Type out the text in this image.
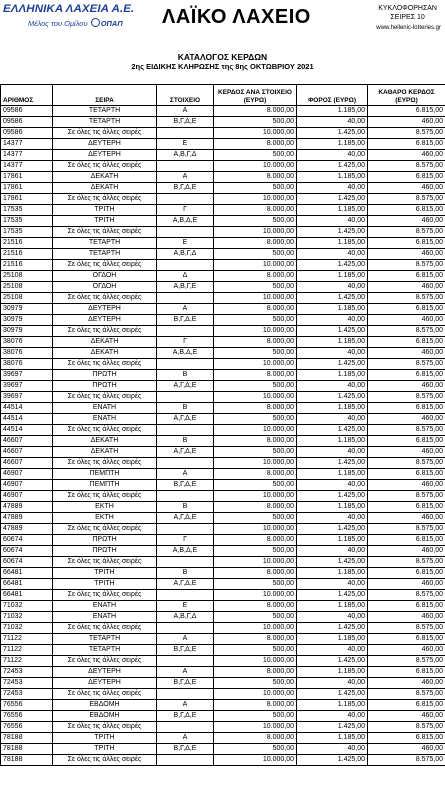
ΕΛΛΗΝΙΚΑ ΛΑΧΕΙΑ Α.Ε.
Μέλος του Ομίλου ΟΠΑΠ ΛΑΪΚΟ ΛΑΧΕΙΟ	ΚΥΚΛΟΦΟΡΗΣΑΝ
ΣΕΙΡΕΣ 10
www.hellenic-lotteries.gr
ΚΑΤΑΛΟΓΟΣ ΚΕΡΔΩΝ
2ης ΕΙΔΙΚΗΣ ΚΛΗΡΩΣΗΣ της 8ης ΟΚΤΩΒΡΙΟΥ 2021
ΑΡΙΘΜΟΣ	ΣΕΙΡΑ	ΣΤΟΙΧΕΙΟ	ΚΕΡΔΟΣ ΑΝΑ ΣΤΟΙΧΕΙΟ (ΕΥΡΩ)	ΦΟΡΟΣ (ΕΥΡΩ)	ΚΑΘΑΡΟ ΚΕΡΔΟΣ (ΕΥΡΩ)
09586	ΤΕΤΑΡΤΗ	Α	8.000,00	1.185,00	6.815,00
09586	ΤΕΤΑΡΤΗ	Β,Γ,Δ,Ε	500,00	40,00	460,00
09586	Σε όλες τις άλλες σειρές		10.000,00	1.425,00	8.575,00
14377	ΔΕΥΤΕΡΗ	Ε	8.000,00	1.185,00	6.815,00
14377	ΔΕΥΤΕΡΗ	Α,Β,Γ,Δ	500,00	40,00	460,00
14377	Σε όλες τις άλλες σειρές		10.000,00	1.425,00	8.575,00
17861	ΔΕΚΑΤΗ	Α	8.000,00	1.185,00	6.815,00
17861	ΔΕΚΑΤΗ	Β,Γ,Δ,Ε	500,00	40,00	460,00
17861	Σε όλες τις άλλες σειρές		10.000,00	1.425,00	8.575,00
17535	ΤΡΙΤΗ	Γ	8.000,00	1.185,00	6.815,00
17535	ΤΡΙΤΗ	Α,Β,Δ,Ε	500,00	40,00	460,00
17535	Σε όλες τις άλλες σειρές		10.000,00	1.425,00	8.575,00
21516	ΤΕΤΑΡΤΗ	Ε	8.000,00	1.185,00	6.815,00
21516	ΤΕΤΑΡΤΗ	Α,Β,Γ,Δ	500,00	40,00	460,00
21516	Σε όλες τις άλλες σειρές		10.000,00	1.425,00	8.575,00
25108	ΟΓΔΟΗ	Δ	8.000,00	1.185,00	6.815,00
25108	ΟΓΔΟΗ	Α,Β,Γ,Ε	500,00	40,00	460,00
25108	Σε όλες τις άλλες σειρές		10.000,00	1.425,00	8.575,00
30979	ΔΕΥΤΕΡΗ	Α	8.000,00	1.185,00	6.815,00
30979	ΔΕΥΤΕΡΗ	Β,Γ,Δ,Ε	500,00	40,00	460,00
30979	Σε όλες τις άλλες σειρές		10.000,00	1.425,00	8.575,00
38076	ΔΕΚΑΤΗ	Γ	8.000,00	1.185,00	6.815,00
38076	ΔΕΚΑΤΗ	Α,Β,Δ,Ε	500,00	40,00	460,00
38076	Σε όλες τις άλλες σειρές		10.000,00	1.425,00	8.575,00
39697	ΠΡΩΤΗ	Β	8.000,00	1.185,00	6.815,00
39697	ΠΡΩΤΗ	Α,Γ,Δ,Ε	500,00	40,00	460,00
39697	Σε όλες τις άλλες σειρές		10.000,00	1.425,00	8.575,00
44514	ΕΝΑΤΗ	Β	8.000,00	1.185,00	6.815,00
44514	ΕΝΑΤΗ	Α,Γ,Δ,Ε	500,00	40,00	460,00
44514	Σε όλες τις άλλες σειρές		10.000,00	1.425,00	8.575,00
46607	ΔΕΚΑΤΗ	Β	8.000,00	1.185,00	6.815,00
46607	ΔΕΚΑΤΗ	Α,Γ,Δ,Ε	500,00	40,00	460,00
46607	Σε όλες τις άλλες σειρές		10.000,00	1.425,00	8.575,00
46907	ΠΕΜΠΤΗ	Α	8.000,00	1.185,00	6.815,00
46907	ΠΕΜΠΤΗ	Β,Γ,Δ,Ε	500,00	40,00	460,00
46907	Σε όλες τις άλλες σειρές		10.000,00	1.425,00	8.575,00
47889	ΕΚΤΗ	Β	8.000,00	1.185,00	6.815,00
47889	ΕΚΤΗ	Α,Γ,Δ,Ε	500,00	40,00	460,00
47889	Σε όλες τις άλλες σειρές		10.000,00	1.425,00	8.575,00
60674	ΠΡΩΤΗ	Γ	8.000,00	1.185,00	6.815,00
60674	ΠΡΩΤΗ	Α,Β,Δ,Ε	500,00	40,00	460,00
60674	Σε όλες τις άλλες σειρές		10.000,00	1.425,00	8.575,00
66481	ΤΡΙΤΗ	Β	8.000,00	1.185,00	6.815,00
66481	ΤΡΙΤΗ	Α,Γ,Δ,Ε	500,00	40,00	460,00
66481	Σε όλες τις άλλες σειρές		10.000,00	1.425,00	8.575,00
71032	ΕΝΑΤΗ	Ε	8.000,00	1.185,00	6.815,00
71032	ΕΝΑΤΗ	Α,Β,Γ,Δ	500,00	40,00	460,00
71032	Σε όλες τις άλλες σειρές		10.000,00	1.425,00	8.575,00
71122	ΤΕΤΑΡΤΗ	Α	8.000,00	1.185,00	6.815,00
71122	ΤΕΤΑΡΤΗ	Β,Γ,Δ,Ε	500,00	40,00	460,00
71122	Σε όλες τις άλλες σειρές		10.000,00	1.425,00	8.575,00
72453	ΔΕΥΤΕΡΗ	Α	8.000,00	1.185,00	6.815,00
72453	ΔΕΥΤΕΡΗ	Β,Γ,Δ,Ε	500,00	40,00	460,00
72453	Σε όλες τις άλλες σειρές		10.000,00	1.425,00	8.575,00
76556	ΕΒΔΟΜΗ	Α	8.000,00	1.185,00	6.815,00
76556	ΕΒΔΟΜΗ	Β,Γ,Δ,Ε	500,00	40,00	460,00
76556	Σε όλες τις άλλες σειρές		10.000,00	1.425,00	8.575,00
78188	ΤΡΙΤΗ	Α	8.000,00	1.185,00	6.815,00
78188	ΤΡΙΤΗ	Β,Γ,Δ,Ε	500,00	40,00	460,00
78188	Σε όλες τις άλλες σειρές		10.000,00	1.425,00	8.575,00
